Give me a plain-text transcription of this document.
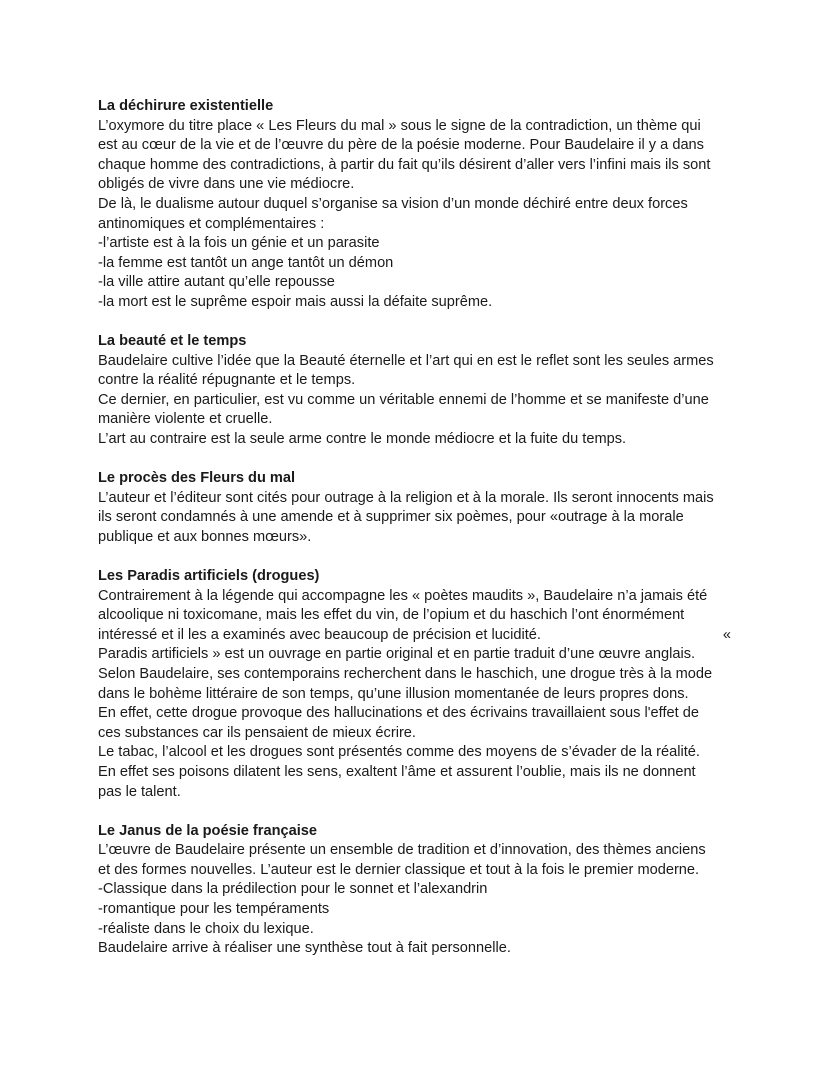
La déchirure existentielle

L’oxymore du titre place « Les Fleurs du mal » sous le signe de la contradiction, un thème qui

est au cœur de la vie et de l’œuvre du père de la poésie moderne. Pour Baudelaire il y a dans

chaque homme des contradictions, à partir du fait qu’ils désirent d’aller vers l’infini mais ils sont

obligés de vivre dans une vie médiocre.

De là, le dualisme autour duquel s’organise sa vision d’un monde déchiré entre deux forces

antinomiques et complémentaires :

-l’artiste est à la fois un génie et un parasite

-la femme est tantôt un ange tantôt un démon

-la ville attire autant qu’elle repousse

-la mort est le suprême espoir mais aussi la défaite suprême.

La beauté et le temps

Baudelaire cultive l’idée que la Beauté éternelle et l’art qui en est le reflet sont les seules armes

contre la réalité répugnante et le temps.

Ce dernier, en particulier, est vu comme un véritable ennemi de l’homme et se manifeste d’une

manière violente et cruelle.

L’art au contraire est la seule arme contre le monde médiocre et la fuite du temps.

Le procès des Fleurs du mal

L’auteur et l’éditeur sont cités pour outrage à la religion et à la morale. Ils seront innocents mais

ils seront condamnés à une amende et à supprimer six poèmes, pour «outrage à la morale

publique et aux bonnes mœurs».

Les Paradis artificiels (drogues)

Contrairement à la légende qui accompagne les « poètes maudits », Baudelaire n’a jamais été

alcoolique ni toxicomane, mais les effet du vin, de l’opium et du haschich l’ont énormément

intéressé et il les a examinés avec beaucoup de précision et lucidité.	«

Paradis artificiels » est un ouvrage en partie original et en partie traduit d’une œuvre anglais.

Selon Baudelaire, ses contemporains recherchent dans le haschich, une drogue très à la mode

dans le bohème littéraire de son temps, qu’une illusion momentanée de leurs propres dons.

En effet, cette drogue provoque des hallucinations et des écrivains travaillaient sous l'effet de

ces substances car ils pensaient de mieux écrire.

Le tabac, l’alcool et les drogues sont présentés comme des moyens de s’évader de la réalité.

En effet ses poisons dilatent les sens, exaltent l’âme et assurent l’oublie, mais ils ne donnent

pas le talent.

Le Janus de la poésie française

L’œuvre de Baudelaire présente un ensemble de tradition et d’innovation, des thèmes anciens

et des formes nouvelles. L’auteur est le dernier classique et tout à la fois le premier moderne.

-Classique dans la prédilection pour le sonnet et l’alexandrin

-romantique pour les tempéraments

-réaliste dans le choix du lexique.

Baudelaire arrive à réaliser une synthèse tout à fait personnelle.
